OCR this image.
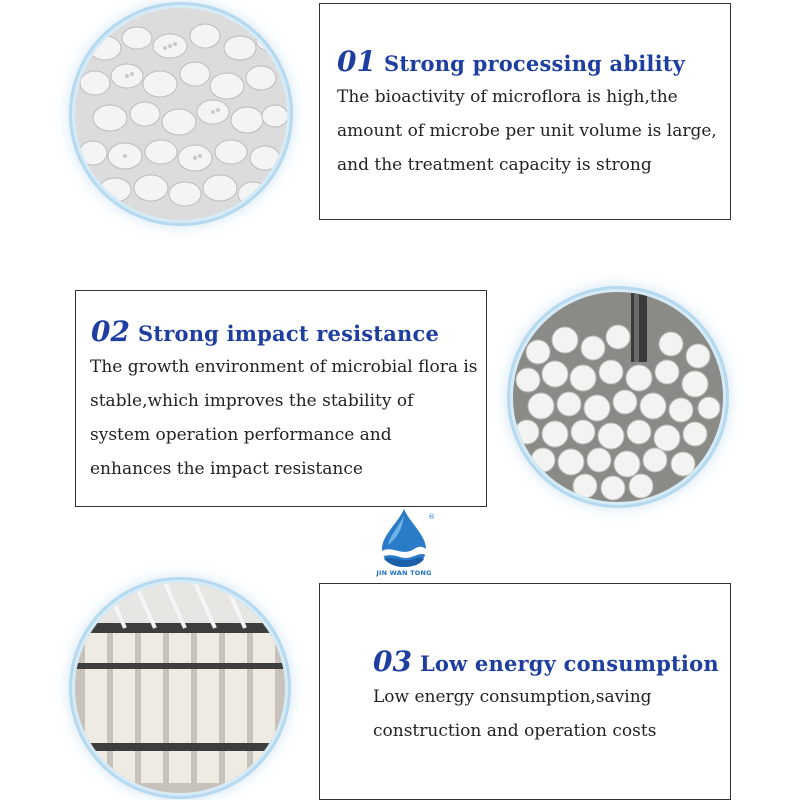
01 Strong processing ability
The bioactivity of microflora is high,the
amount of microbe per unit volume is large,
and the treatment capacity is strong
02 Strong impact resistance
The growth environment of microbial flora is
stable,which improves the stability of
system operation performance and
enhances the impact resistance
®
JIN WAN TONG
03 Low energy consumption
Low energy consumption,saving
construction and operation costs
